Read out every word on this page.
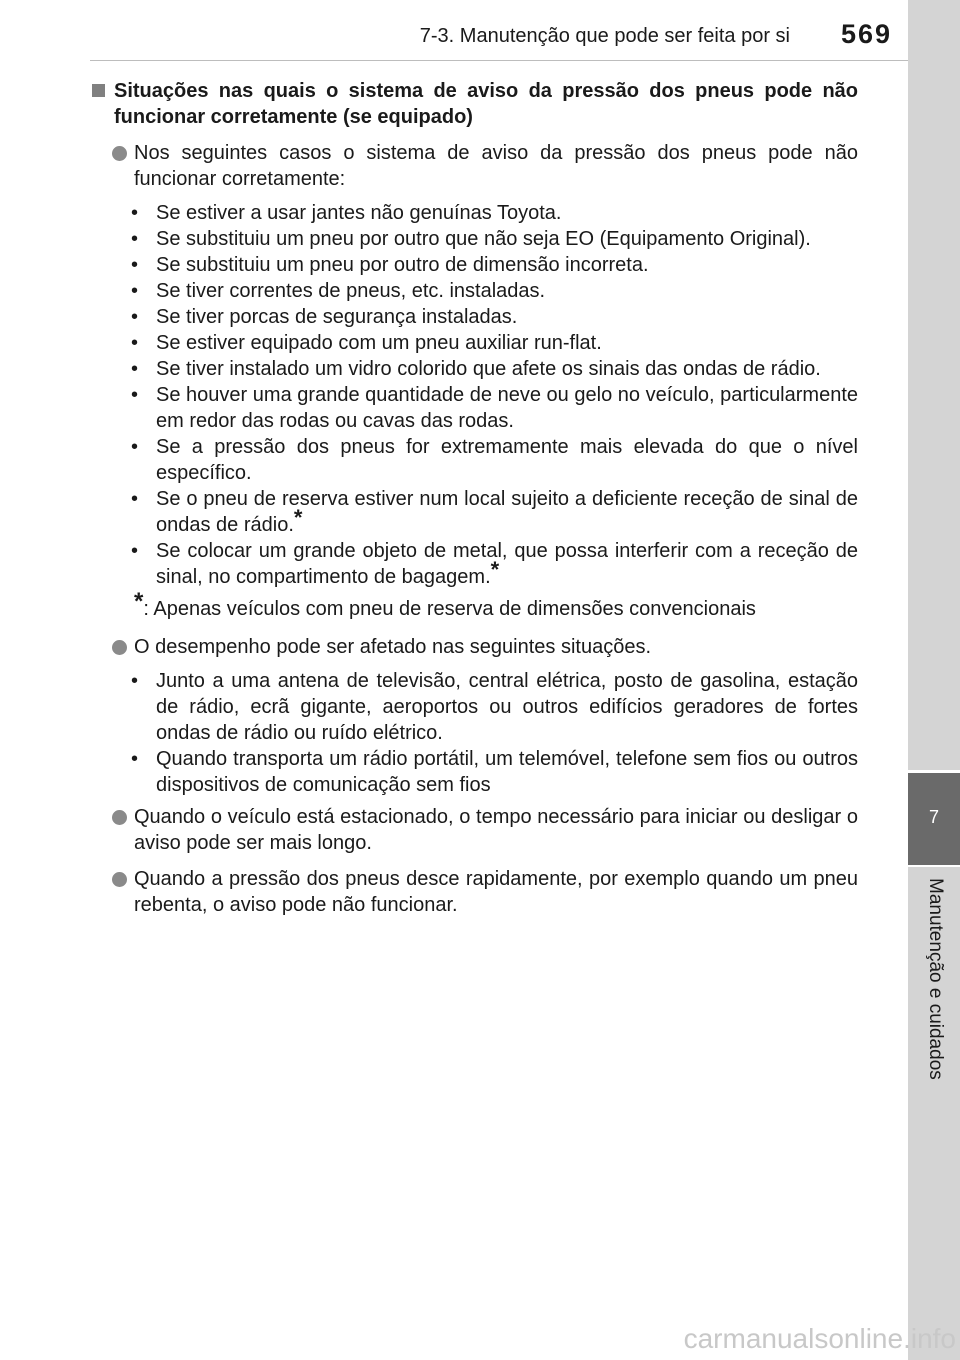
7-3. Manutenção que pode ser feita por si 569
7
Manutenção e cuidados
Situações nas quais o sistema de aviso da pressão dos pneus pode não funcionar corretamente (se equipado)
Nos seguintes casos o sistema de aviso da pressão dos pneus pode não funcionar corretamente:
• Se estiver a usar jantes não genuínas Toyota.
• Se substituiu um pneu por outro que não seja EO (Equipamento Original).
• Se substituiu um pneu por outro de dimensão incorreta.
• Se tiver correntes de pneus, etc. instaladas.
• Se tiver porcas de segurança instaladas.
• Se estiver equipado com um pneu auxiliar run-flat.
• Se tiver instalado um vidro colorido que afete os sinais das ondas de rádio.
• Se houver uma grande quantidade de neve ou gelo no veículo, particularmente em redor das rodas ou cavas das rodas.
• Se a pressão dos pneus for extremamente mais elevada do que o nível específico.
• Se o pneu de reserva estiver num local sujeito a deficiente receção de sinal de ondas de rádio.*
• Se colocar um grande objeto de metal, que possa interferir com a receção de sinal, no compartimento de bagagem.*
*: Apenas veículos com pneu de reserva de dimensões convencionais
O desempenho pode ser afetado nas seguintes situações.
• Junto a uma antena de televisão, central elétrica, posto de gasolina, estação de rádio, ecrã gigante, aeroportos ou outros edifícios geradores de fortes ondas de rádio ou ruído elétrico.
• Quando transporta um rádio portátil, um telemóvel, telefone sem fios ou outros dispositivos de comunicação sem fios
Quando o veículo está estacionado, o tempo necessário para iniciar ou desligar o aviso pode ser mais longo.
Quando a pressão dos pneus desce rapidamente, por exemplo quando um pneu rebenta, o aviso pode não funcionar.
carmanualsonline.info
